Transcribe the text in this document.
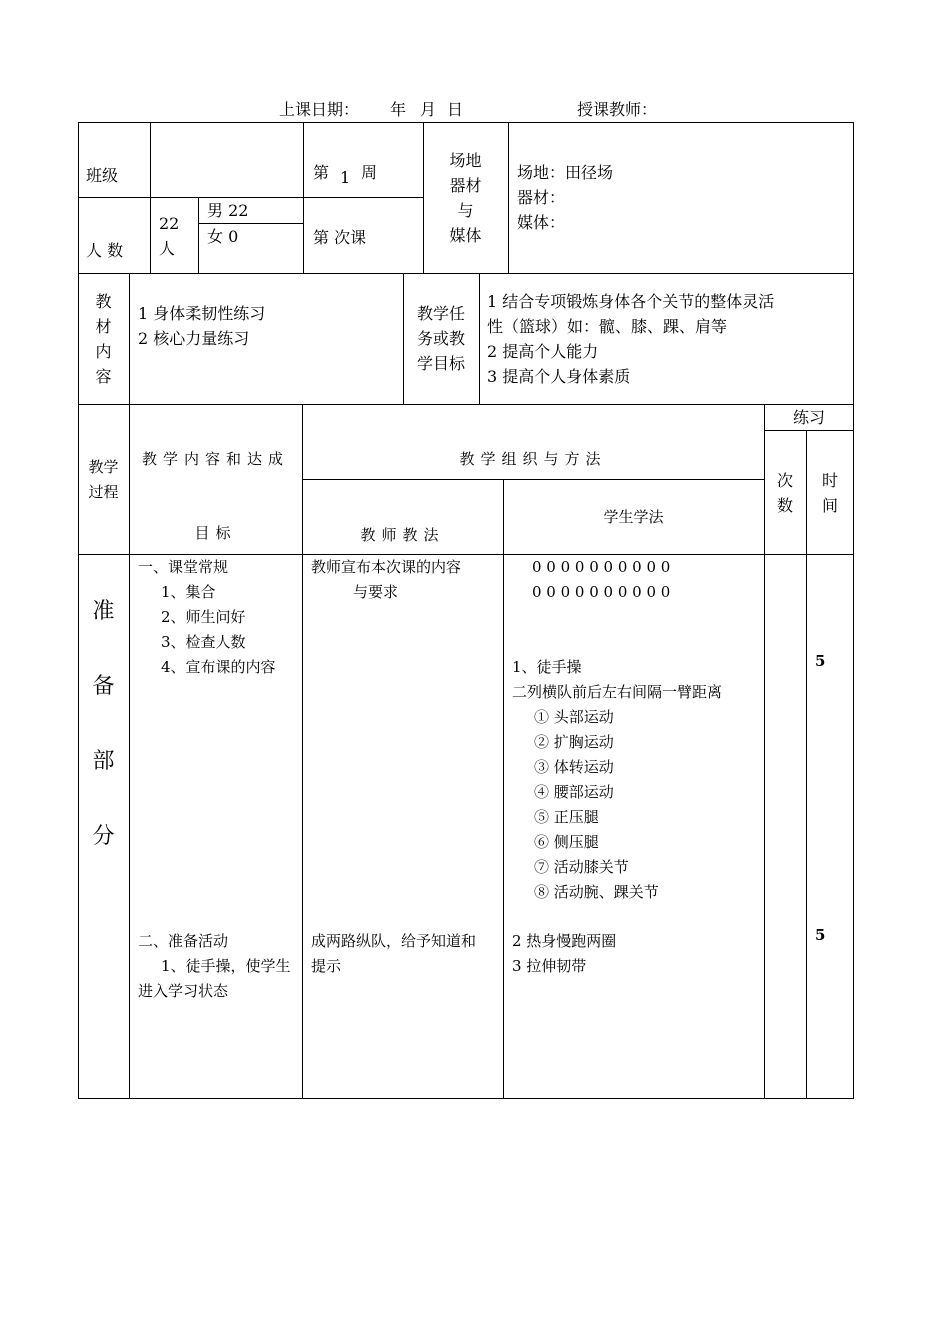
上课日期： 年 月 日	授课教师：
班级	第 1 周
第 次课
人 数
22
人
男 22
女 0
场地
器材
与
媒体
场地：田径场
器材：
媒体：
教
材
内
容
1 身体柔韧性练习
2 核心力量练习
教学任
务或教
学目标
1 结合专项锻炼身体各个关节的整体灵活
性（篮球）如：髋、膝、踝、肩等
2 提高个人能力
3 提高个人身体素质
教学
过程
教学内容和达成
目标
教学组织与方法
教师教法
学生学法
练习
次
数
时
间
准
备
部
分
一、课堂常规
1、集合
2、师生问好
3、检查人数
4、宣布课的内容
二、准备活动
1、徒手操，使学生
进入学习状态
教师宣布本次课的内容
与要求
成两路纵队，给予知道和
提示
0 0 0 0 0 0 0 0 0 0
0 0 0 0 0 0 0 0 0 0
1、徒手操
二列横队前后左右间隔一臂距离
① 头部运动
② 扩胸运动
③ 体转运动
④ 腰部运动
⑤ 正压腿
⑥ 侧压腿
⑦ 活动膝关节
⑧ 活动腕、踝关节
2 热身慢跑两圈
3 拉伸韧带
5
5
